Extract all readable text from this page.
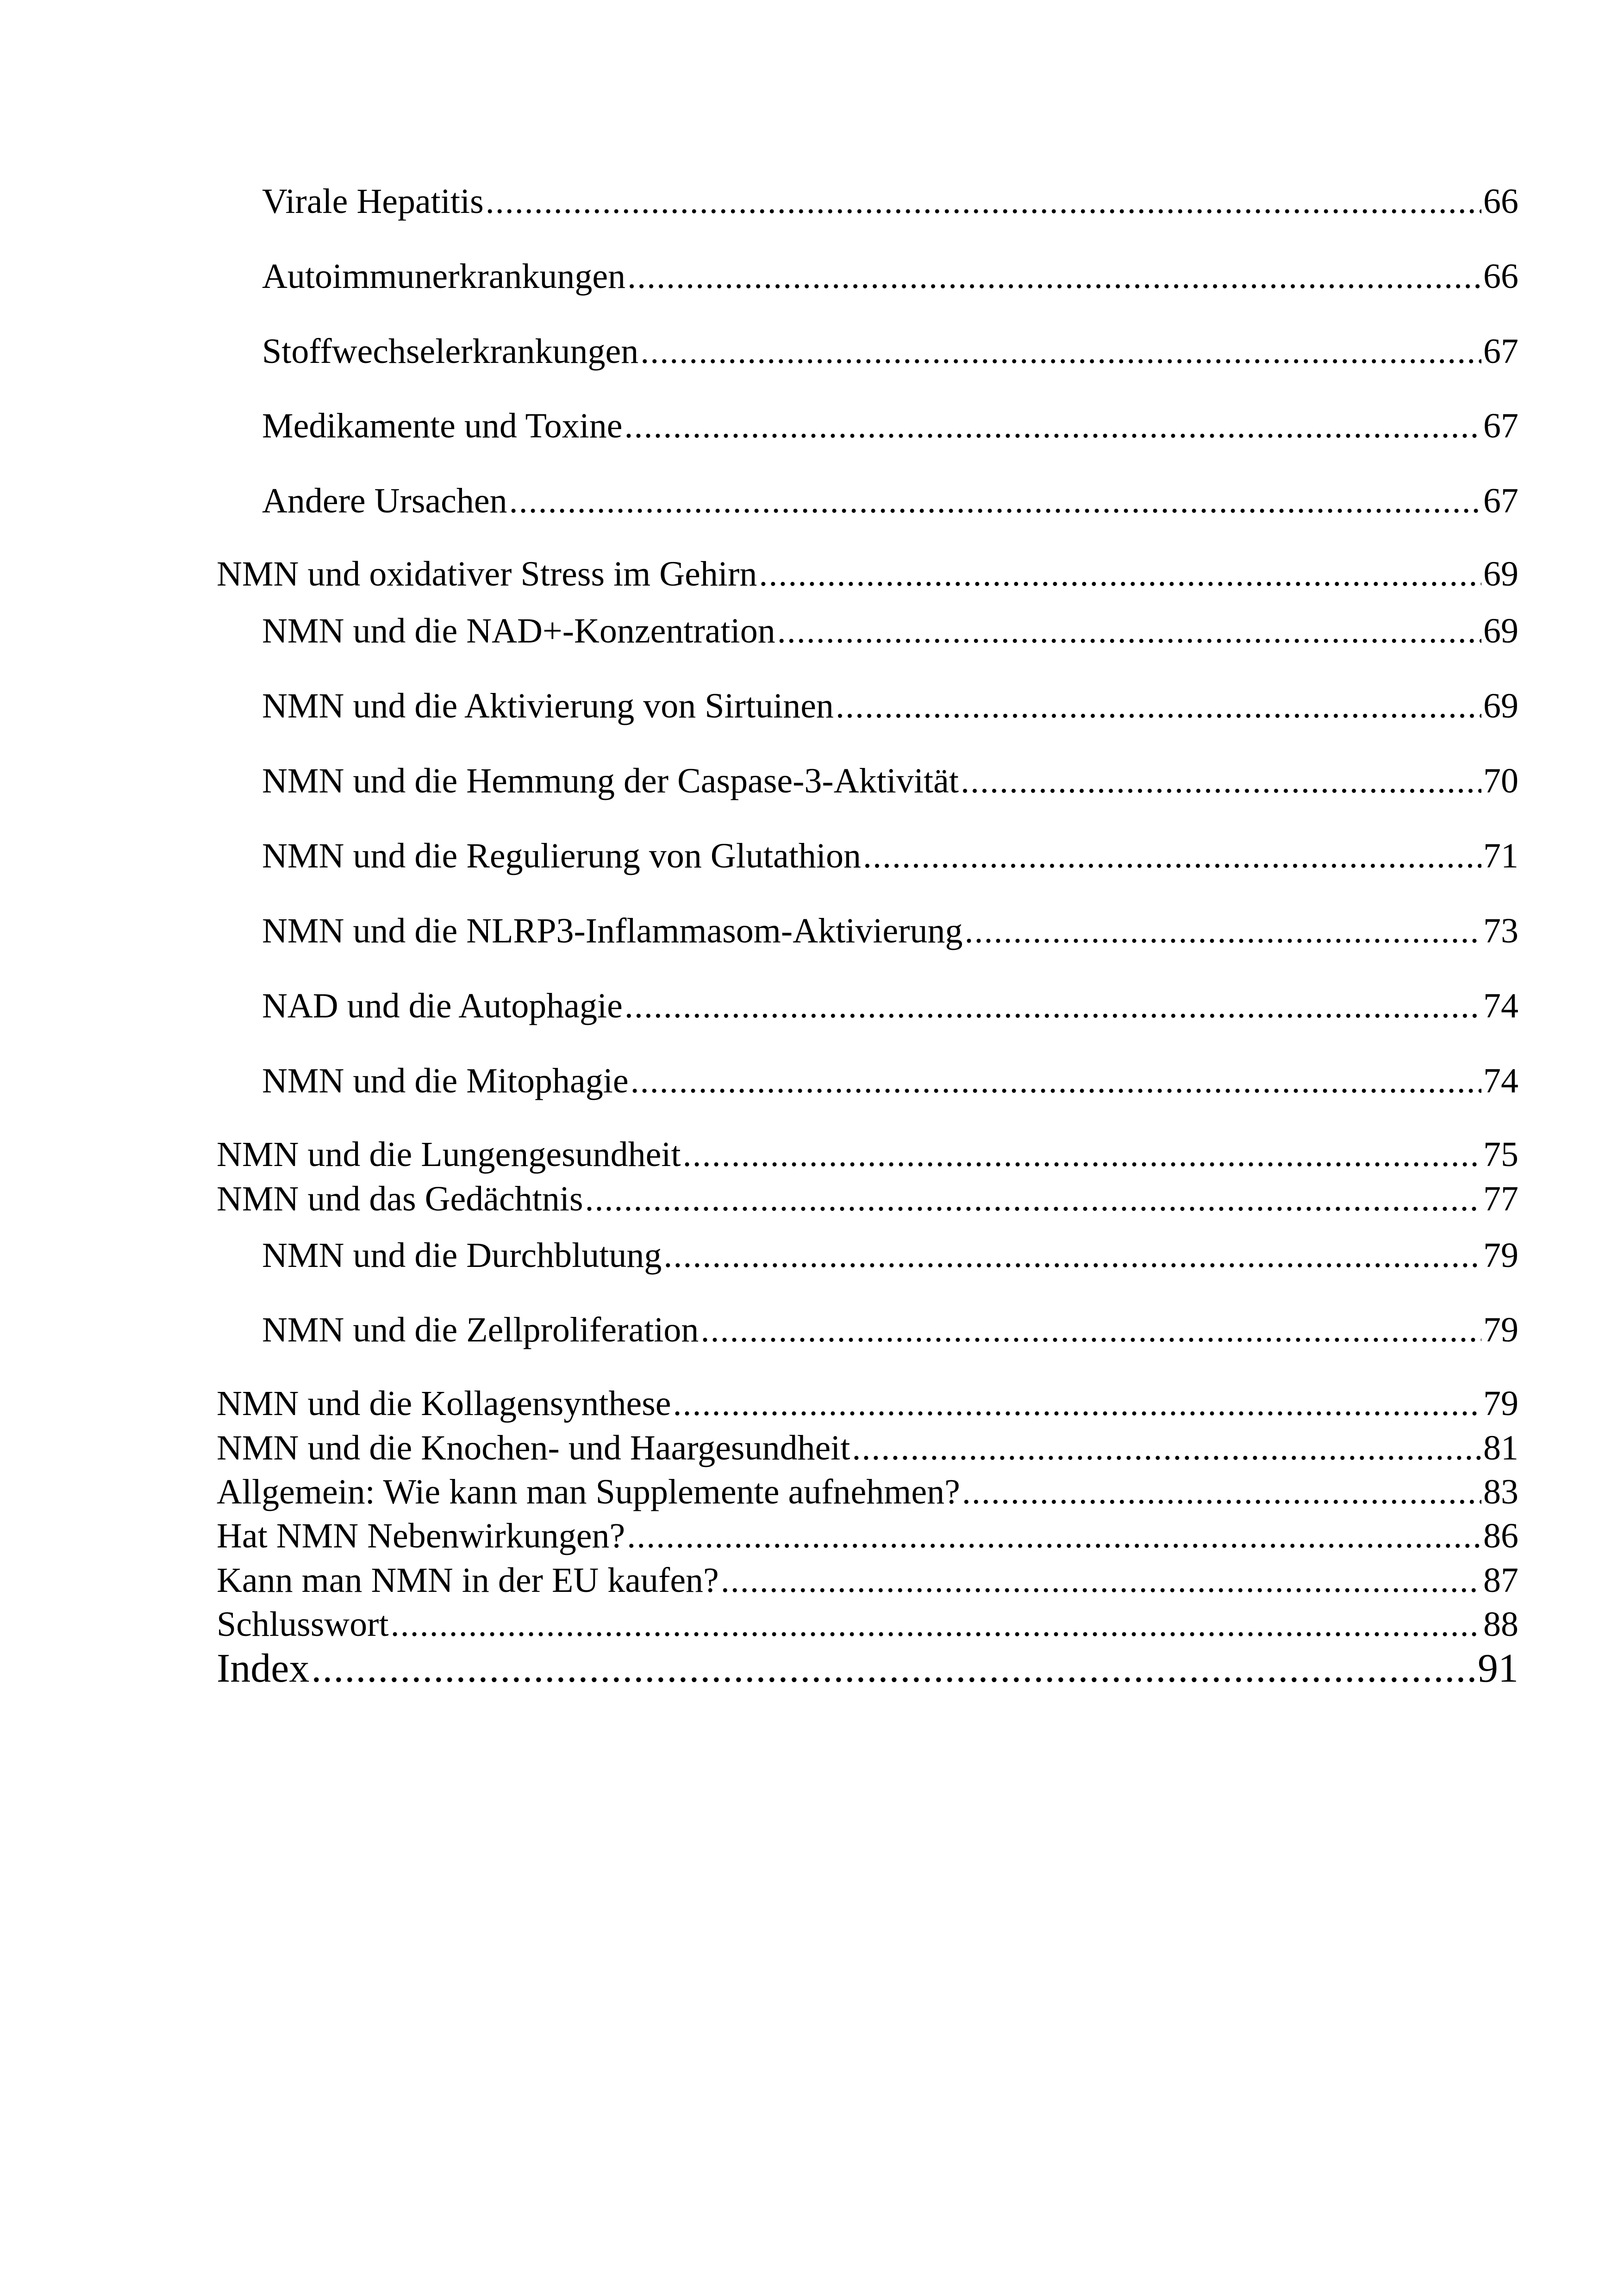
Virale Hepatitis .....	66
Autoimmunerkrankungen .....	66
Stoffwechselerkrankungen .....	67
Medikamente und Toxine .....	67
Andere Ursachen .....	67
NMN und oxidativer Stress im Gehirn .....	69
NMN und die NAD+-Konzentration .....	69
NMN und die Aktivierung von Sirtuinen .....	69
NMN und die Hemmung der Caspase-3-Aktivität .....	70
NMN und die Regulierung von Glutathion .....	71
NMN und die NLRP3-Inflammasom-Aktivierung .....	73
NAD und die Autophagie .....	74
NMN und die Mitophagie .....	74
NMN und die Lungengesundheit .....	75
NMN und das Gedächtnis .....	77
NMN und die Durchblutung .....	79
NMN und die Zellproliferation .....	79
NMN und die Kollagensynthese .....	79
NMN und die Knochen- und Haargesundheit .....	81
Allgemein: Wie kann man Supplemente aufnehmen? .....	83
Hat NMN Nebenwirkungen? .....	86
Kann man NMN in der EU kaufen? .....	87
Schlusswort .....	88
Index .....	91
